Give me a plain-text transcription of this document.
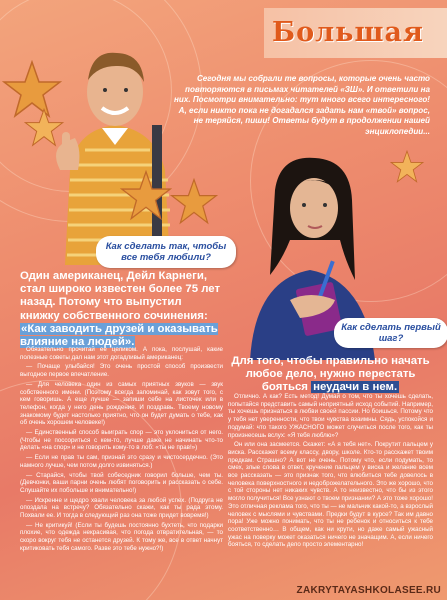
Большая
Сегодня мы собрали те вопросы, которые очень часто повторяются в письмах читателей «ЗШ». И ответили на них. Посмотри внимательно: тут много всего интересного! А, если никто пока не догадался задать нам «твой» вопрос, не теряйся, пиши! Ответы будут в продолжении нашей энциклопедии...
Как сделать так, чтобы все тебя любили?
Как сделать первый шаг?
Один американец, Дейл Карнеги, стал широко известен более 75 лет назад. Потому что выпустил книжку собственного сочинения: «Как заводить друзей и оказывать влияние на людей».

Обязательно прочитай ее целиком. А пока, послушай, какие полезные советы дал нам этот догадливый американец:

— Почаще улыбайся! Это очень простой способ произвести выгодное первое впечатление.

— Для человека один из самых приятных звуков — звук собственного имени. (Поэтому всегда запоминай, как зовут того, с кем говоришь. А еще лучше — запиши себе на листочек или в телефон, когда у него день рождения. И поздравь. Твоему новому знакомому будет настолько приятно, что он будет думать о тебе, как об очень хорошем человеке!)

— Единственный способ выиграть спор — это уклониться от него. (Чтобы не поссориться с кем-то, лучше даже не начинать что-то делать «на спор» и не говорить кому-то в лоб: «ты не прав!»)

— Если не прав ты сам, признай это сразу и чистосердечно. (Это намного лучше, чем потом долго извиняться.)

— Старайся, чтобы твой собеседник говорил больше, чем ты. (Девчонки, ваши парни очень любят поговорить и рассказать о себе. Слушайте их побольше и внимательно!)

— Искренне и щедро хвали человека за любой успех. (Подруга не опоздала на встречу? Обязательно скажи, как ты рада этому. Похвали ее. И тогда в следующий раз она тоже придет вовремя!)

— Не критикуй! (Если ты будешь постоянно бухтеть, что подарки плохие, что одежда некрасивая, что погода отвратительная, — то скоро вокруг тебя не останется друзей. К тому же, все в ответ начнут критиковать тебя самого. Разве это тебе нужно?!)

Для того, чтобы правильно начать любое дело, нужно перестать бояться неудачи в нем.

Отлично. А как? Есть метод! Думай о том, что ты хочешь сделать, попытайся представить самый неприятный исход событий. Например, ты хочешь признаться в любви своей пассии. Но боишься. Потому что у тебя нет уверенности, что твои чувства взаимны. Сядь, успокойся и подумай: что такого УЖАСНОГО может случиться после того, как ты произнесешь вслух: «Я тебя люблю»?

Он или она засмеется. Скажет: «А я тебя нет». Покрутит пальцем у виска. Расскажет всему классу, двору, школе. Кто-то расскажет твоим предкам. Страшно? А вот не очень. Потому что, если подумать, то смех, злые слова в ответ, кручение пальцем у виска и желание всем все рассказать — это признак того, что влюбиться тебе довелось в человека поверхностного и недоброжелательного. Это же хорошо, что с той стороны нет никаких чувств. А то неизвестно, что бы из этого могло получиться! Все узнают о твоем признании? А это тоже хорошо! Это отличная реклама того, что ты — не мальчик какой-то, а взрослый человек с мыслями и чувствами. Предки будут в курсе? Так им давно пора! Уже можно понимать, что ты не ребенок и относиться к тебе соответственно… В общем, как ни крути, но даже самый ужасный ужас на поверку может оказаться ничего не значащим. А, если ничего бояться, то сделать дело просто элементарно!

ZAKRYTAYASHKOLASEE.RU
